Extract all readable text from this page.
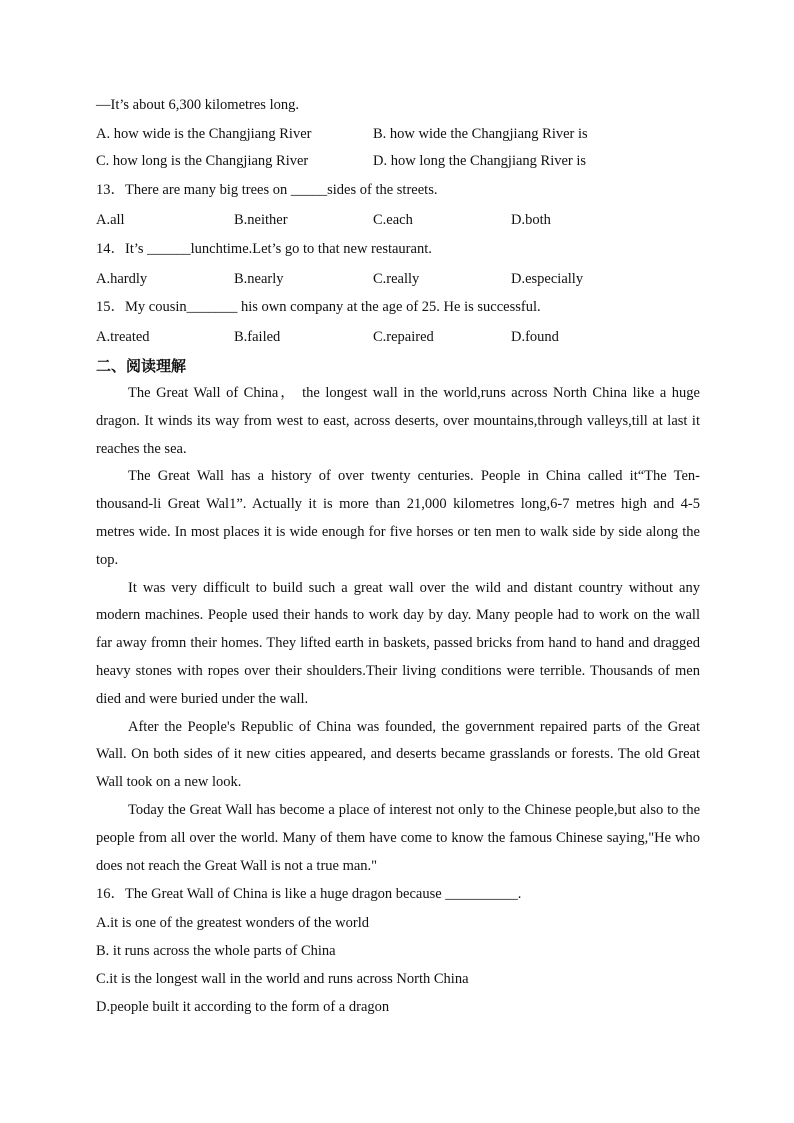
—It’s about 6,300 kilometres long.
A. how wide is the Changjiang River	B. how wide the Changjiang River is
C. how long is the Changjiang River	D. how long the Changjiang River is
13．There are many big trees on _____sides of the streets.
A.all	B.neither	C.each	D.both
14．It’s ______lunchtime.Let’s go to that new restaurant.
A.hardly	B.nearly	C.really	D.especially
15．My cousin_______ his own company at the age of 25. He is successful.
A.treated	B.failed	C.repaired	D.found
二、阅读理解

The Great Wall of China， the longest wall in the world,runs across North China like a huge dragon. It winds its way from west to east, across deserts, over mountains,through valleys,till at last it reaches the sea.

The Great Wall has a history of over twenty centuries. People in China called it“The Ten-thousand-li Great Wal1”. Actually it is more than 21,000 kilometres long,6-7 metres high and 4-5 metres wide. In most places it is wide enough for five horses or ten men to walk side by side along the top.

It was very difficult to build such a great wall over the wild and distant country without any modern machines. People used their hands to work day by day. Many people had to work on the wall far away fromn their homes. They lifted earth in baskets, passed bricks from hand to hand and dragged heavy stones with ropes over their shoulders.Their living conditions were terrible. Thousands of men died and were buried under the wall.

After the People's Republic of China was founded, the government repaired parts of the Great Wall. On both sides of it new cities appeared, and deserts became grasslands or forests. The old Great Wall took on a new look.

Today the Great Wall has become a place of interest not only to the Chinese people,but also to the people from all over the world. Many of them have come to know the famous Chinese saying,"He who does not reach the Great Wall is not a true man."

16．The Great Wall of China is like a huge dragon because __________.
A.it is one of the greatest wonders of the world
B. it runs across the whole parts of China
C.it is the longest wall in the world and runs across North China
D.people built it according to the form of a dragon
